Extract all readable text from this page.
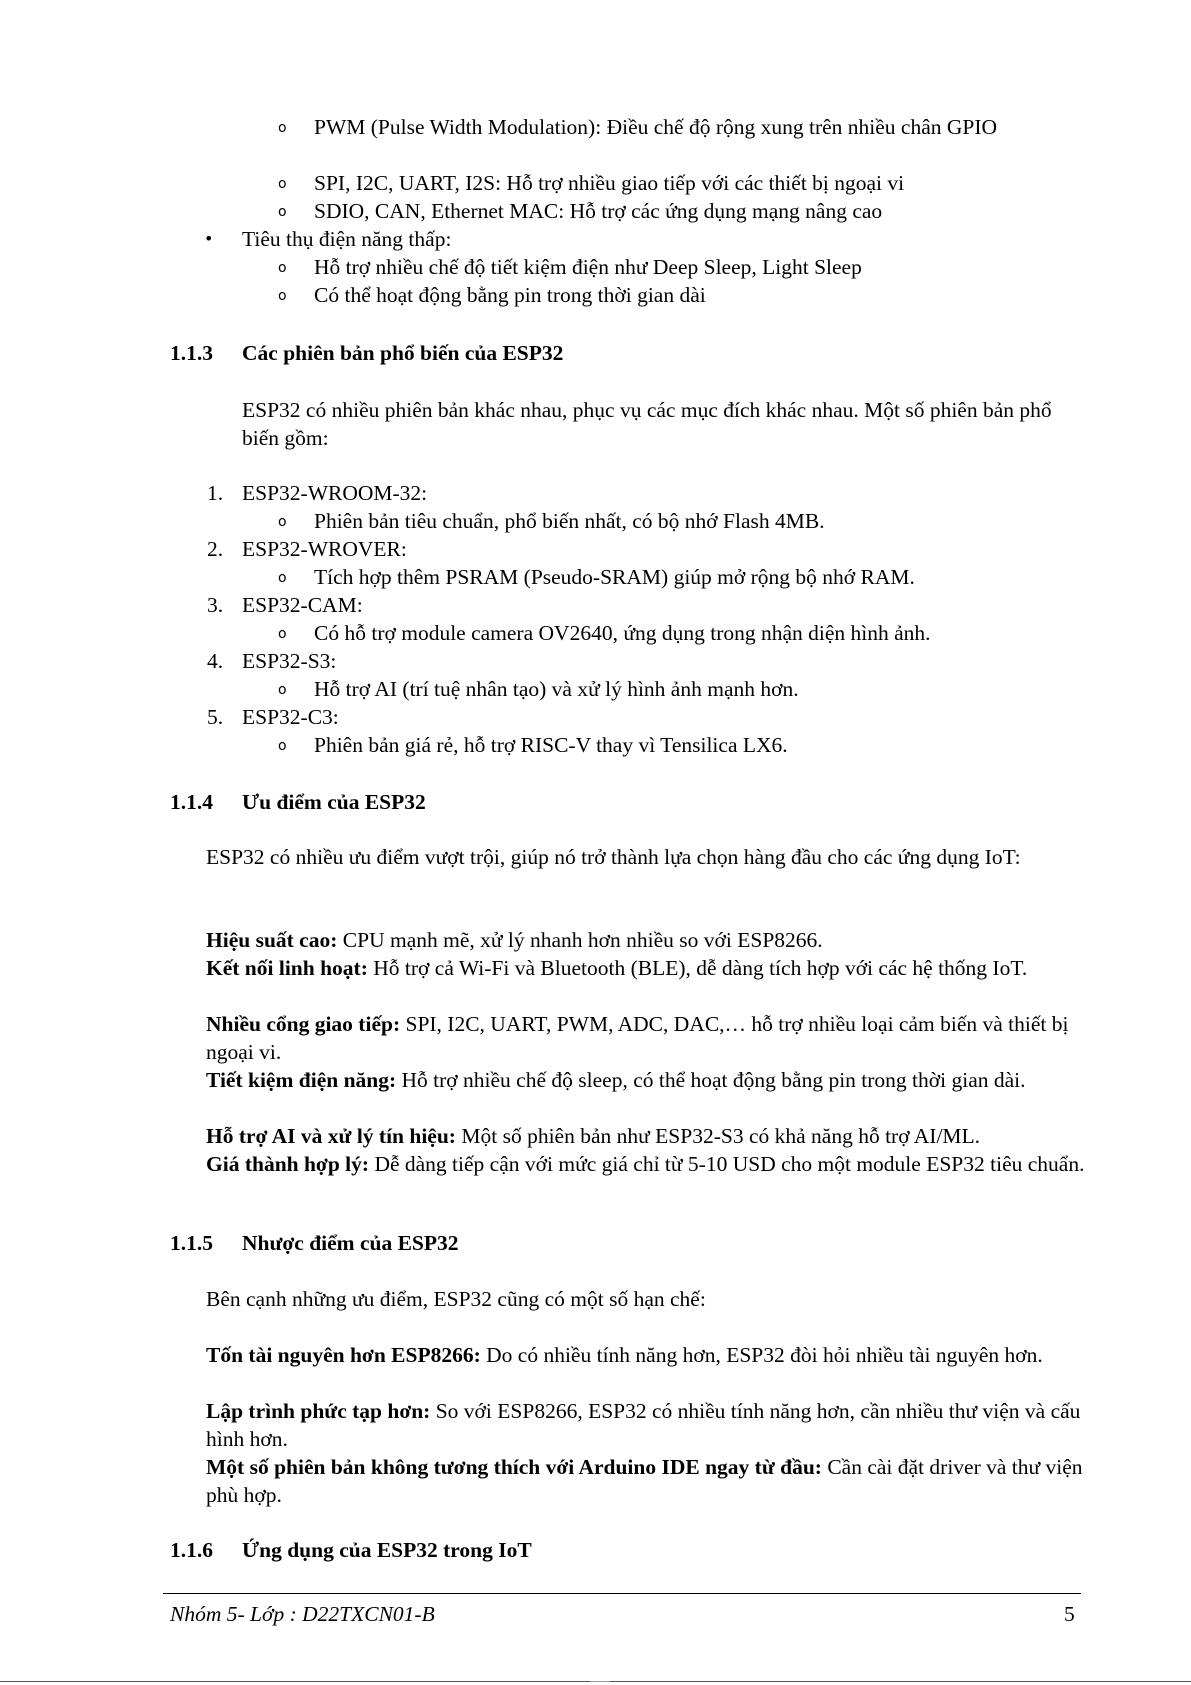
o PWM (Pulse Width Modulation): Điều chế độ rộng xung trên nhiều chân GPIO
o SPI, I2C, UART, I2S: Hỗ trợ nhiều giao tiếp với các thiết bị ngoại vi
o SDIO, CAN, Ethernet MAC: Hỗ trợ các ứng dụng mạng nâng cao
• Tiêu thụ điện năng thấp:
o Hỗ trợ nhiều chế độ tiết kiệm điện như Deep Sleep, Light Sleep
o Có thể hoạt động bằng pin trong thời gian dài
1.1.3 Các phiên bản phổ biến của ESP32
ESP32 có nhiều phiên bản khác nhau, phục vụ các mục đích khác nhau. Một số phiên bản phổ biến gồm:
1. ESP32-WROOM-32:
o Phiên bản tiêu chuẩn, phổ biến nhất, có bộ nhớ Flash 4MB.
2. ESP32-WROVER:
o Tích hợp thêm PSRAM (Pseudo-SRAM) giúp mở rộng bộ nhớ RAM.
3. ESP32-CAM:
o Có hỗ trợ module camera OV2640, ứng dụng trong nhận diện hình ảnh.
4. ESP32-S3:
o Hỗ trợ AI (trí tuệ nhân tạo) và xử lý hình ảnh mạnh hơn.
5. ESP32-C3:
o Phiên bản giá rẻ, hỗ trợ RISC-V thay vì Tensilica LX6.
1.1.4 Ưu điểm của ESP32
ESP32 có nhiều ưu điểm vượt trội, giúp nó trở thành lựa chọn hàng đầu cho các ứng dụng IoT:
Hiệu suất cao: CPU mạnh mẽ, xử lý nhanh hơn nhiều so với ESP8266.
Kết nối linh hoạt: Hỗ trợ cả Wi-Fi và Bluetooth (BLE), dễ dàng tích hợp với các hệ thống IoT.
Nhiều cổng giao tiếp: SPI, I2C, UART, PWM, ADC, DAC,… hỗ trợ nhiều loại cảm biến và thiết bị ngoại vi.
Tiết kiệm điện năng: Hỗ trợ nhiều chế độ sleep, có thể hoạt động bằng pin trong thời gian dài.
Hỗ trợ AI và xử lý tín hiệu: Một số phiên bản như ESP32-S3 có khả năng hỗ trợ AI/ML.
Giá thành hợp lý: Dễ dàng tiếp cận với mức giá chỉ từ 5-10 USD cho một module ESP32 tiêu chuẩn.
1.1.5 Nhược điểm của ESP32
Bên cạnh những ưu điểm, ESP32 cũng có một số hạn chế:
Tốn tài nguyên hơn ESP8266: Do có nhiều tính năng hơn, ESP32 đòi hỏi nhiều tài nguyên hơn.
Lập trình phức tạp hơn: So với ESP8266, ESP32 có nhiều tính năng hơn, cần nhiều thư viện và cấu hình hơn.
Một số phiên bản không tương thích với Arduino IDE ngay từ đầu: Cần cài đặt driver và thư viện phù hợp.
1.1.6 Ứng dụng của ESP32 trong IoT
Nhóm 5- Lớp : D22TXCN01-B	5
